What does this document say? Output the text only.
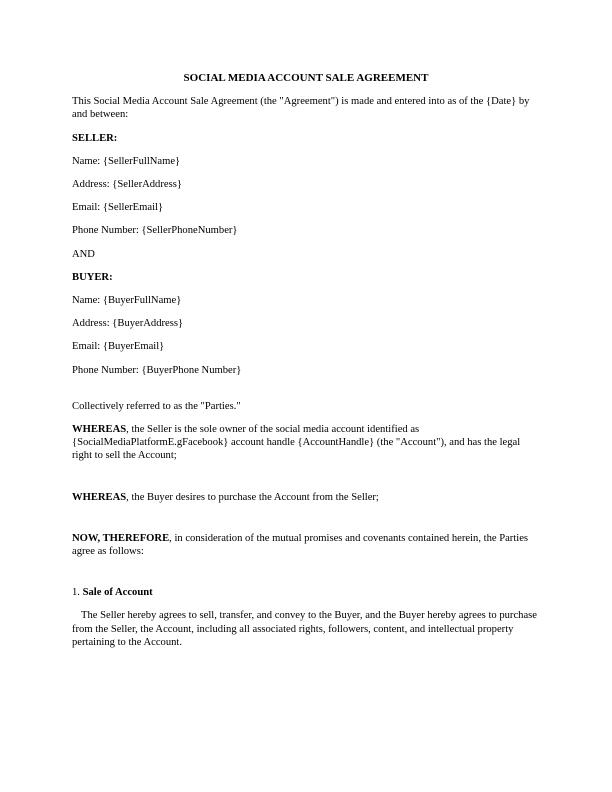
SOCIAL MEDIA ACCOUNT SALE AGREEMENT

This Social Media Account Sale Agreement (the "Agreement") is made and entered into as of the {Date} by and between:

SELLER:

Name: {SellerFullName}

Address: {SellerAddress}

Email: {SellerEmail}

Phone Number: {SellerPhoneNumber}

AND

BUYER:

Name: {BuyerFullName}

Address: {BuyerAddress}

Email: {BuyerEmail}

Phone Number: {BuyerPhone Number}

Collectively referred to as the "Parties."

WHEREAS, the Seller is the sole owner of the social media account identified as {SocialMediaPlatformE.gFacebook} account handle {AccountHandle} (the "Account"), and has the legal right to sell the Account;

WHEREAS, the Buyer desires to purchase the Account from the Seller;

NOW, THEREFORE, in consideration of the mutual promises and covenants contained herein, the Parties agree as follows:

1. Sale of Account

The Seller hereby agrees to sell, transfer, and convey to the Buyer, and the Buyer hereby agrees to purchase from the Seller, the Account, including all associated rights, followers, content, and intellectual property pertaining to the Account.
